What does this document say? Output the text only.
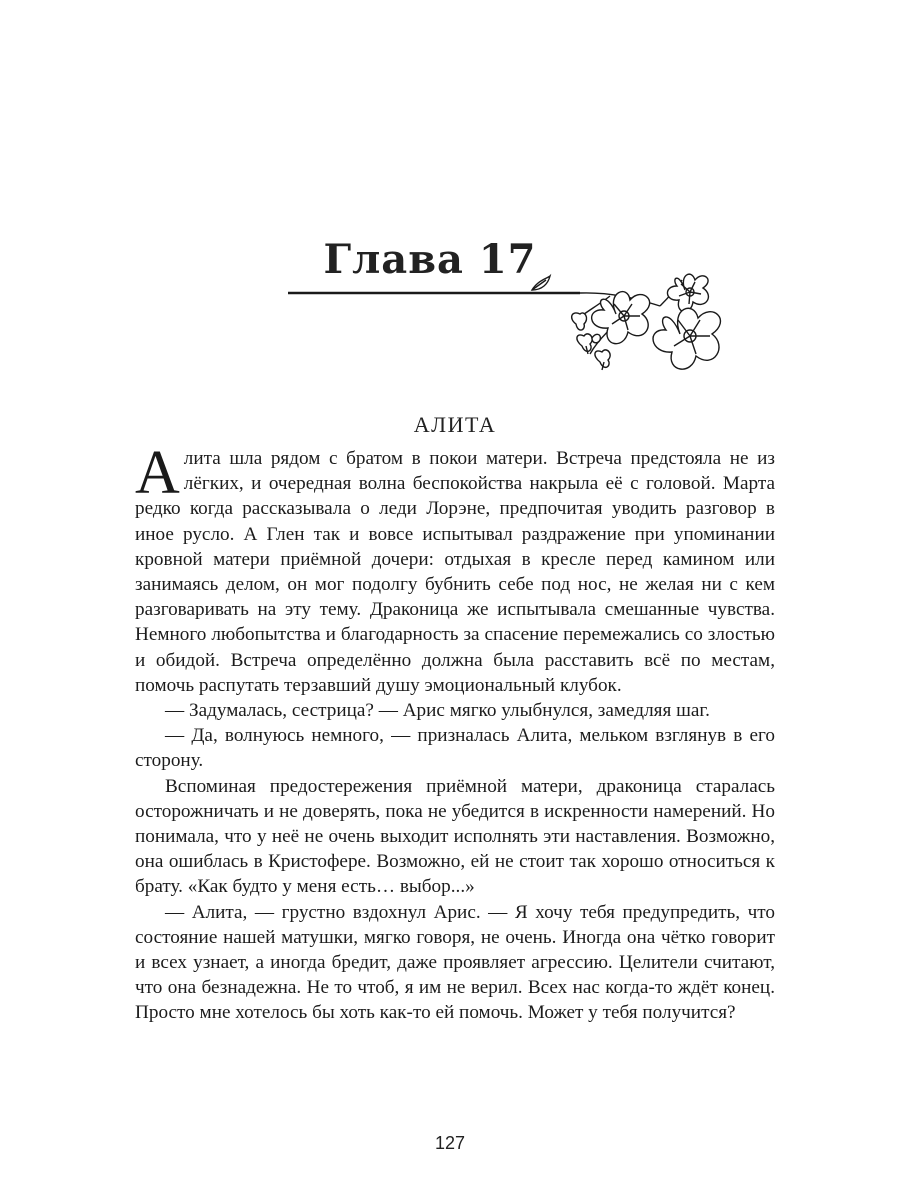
Глава 17
АЛИТА

Алита шла рядом с братом в покои матери. Встреча предстояла не из лёгких, и очередная волна беспокойства накрыла её с головой. Марта редко когда рассказывала о леди Лорэне, предпочитая уводить разговор в иное русло. А Глен так и вовсе испытывал раздражение при упоминании кровной матери приёмной дочери: отдыхая в кресле перед камином или занимаясь делом, он мог подолгу бубнить себе под нос, не желая ни с кем разговаривать на эту тему. Драконица же испытывала смешанные чувства. Немного любопытства и благодарность за спасение перемежались со злостью и обидой. Встреча определённо должна была расставить всё по местам, помочь распутать терзавший душу эмоциональный клубок.

— Задумалась, сестрица? — Арис мягко улыбнулся, замедляя шаг.

— Да, волнуюсь немного, — призналась Алита, мельком взглянув в его сторону.

Вспоминая предостережения приёмной матери, драконица старалась осторожничать и не доверять, пока не убедится в искренности намерений. Но понимала, что у неё не очень выходит исполнять эти наставления. Возможно, она ошиблась в Кристофере. Возможно, ей не стоит так хорошо относиться к брату. «Как будто у меня есть… выбор...»

— Алита, — грустно вздохнул Арис. — Я хочу тебя предупредить, что состояние нашей матушки, мягко говоря, не очень. Иногда она чётко говорит и всех узнает, а иногда бредит, даже проявляет агрессию. Целители считают, что она безнадежна. Не то чтоб, я им не верил. Всех нас когда-то ждёт конец. Просто мне хотелось бы хоть как-то ей помочь. Может у тебя получится?

127
